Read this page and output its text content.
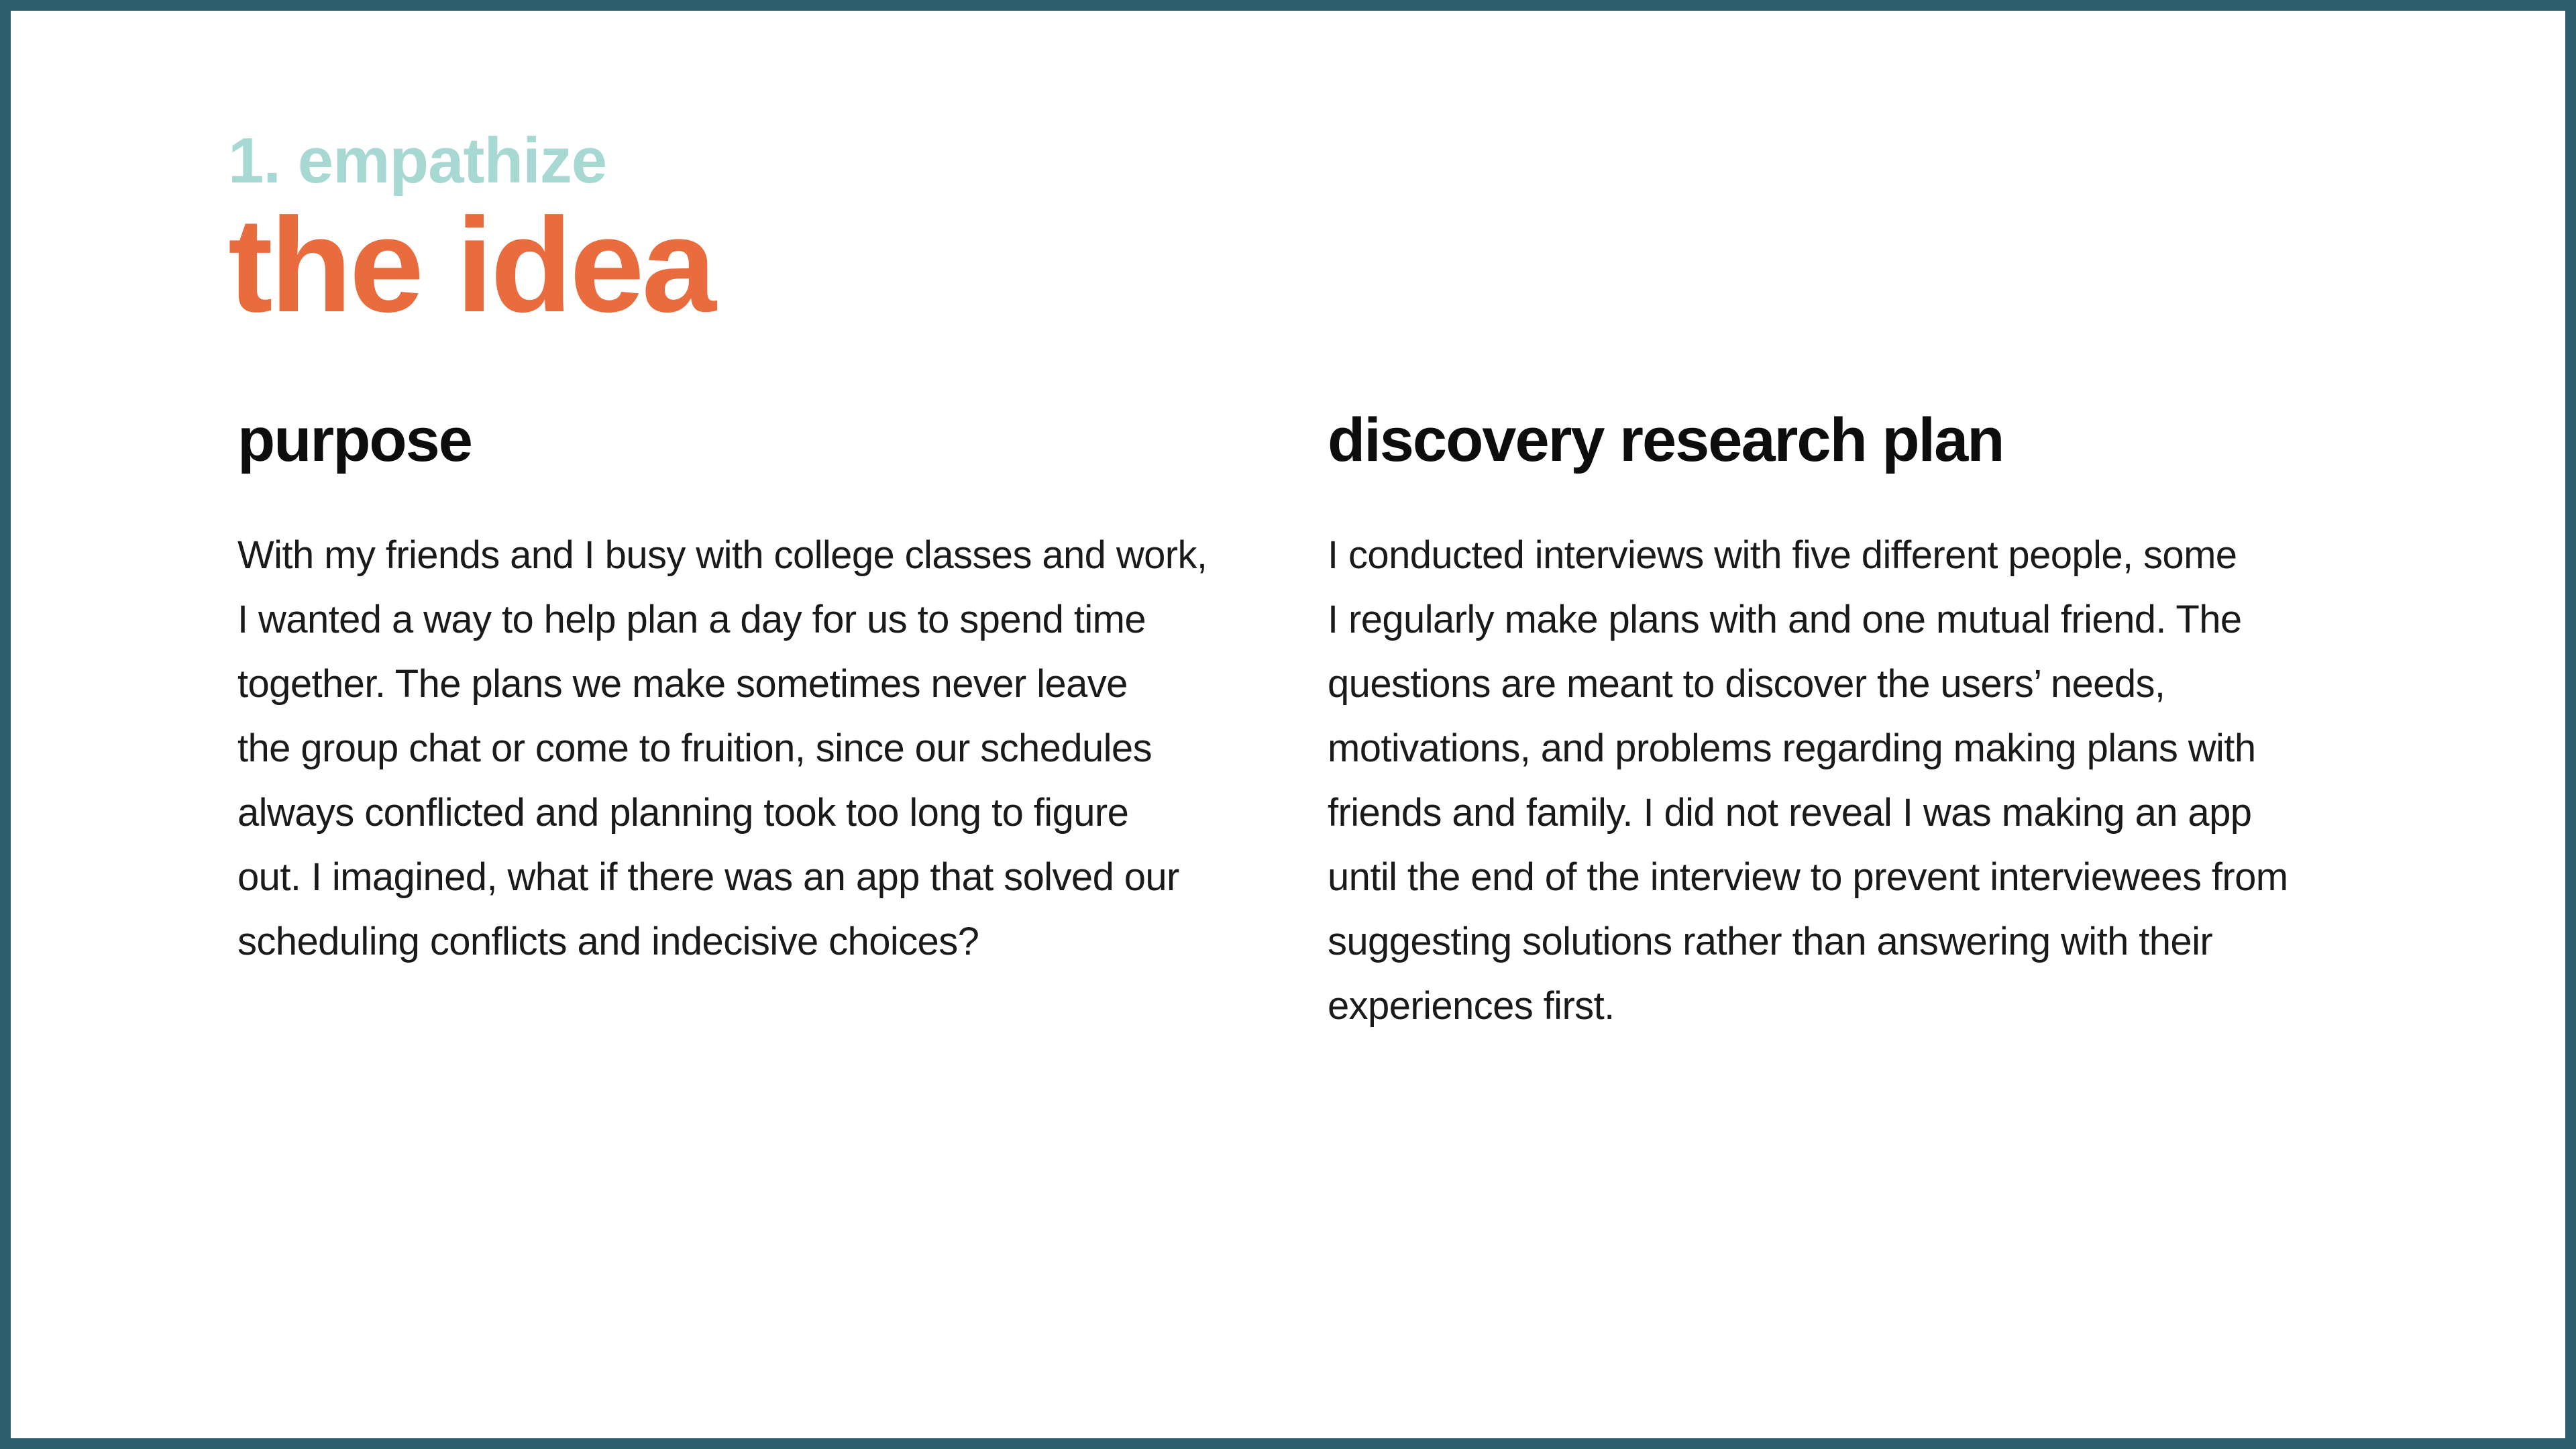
1. empathize

the idea
purpose

With my friends and I busy with college classes and work,
I wanted a way to help plan a day for us to spend time
together. The plans we make sometimes never leave
the group chat or come to fruition, since our schedules
always conflicted and planning took too long to figure
out. I imagined, what if there was an app that solved our
scheduling conflicts and indecisive choices?

discovery research plan

I conducted interviews with five different people, some
I regularly make plans with and one mutual friend. The
questions are meant to discover the users’ needs,
motivations, and problems regarding making plans with
friends and family. I did not reveal I was making an app
until the end of the interview to prevent interviewees from
suggesting solutions rather than answering with their
experiences first.
